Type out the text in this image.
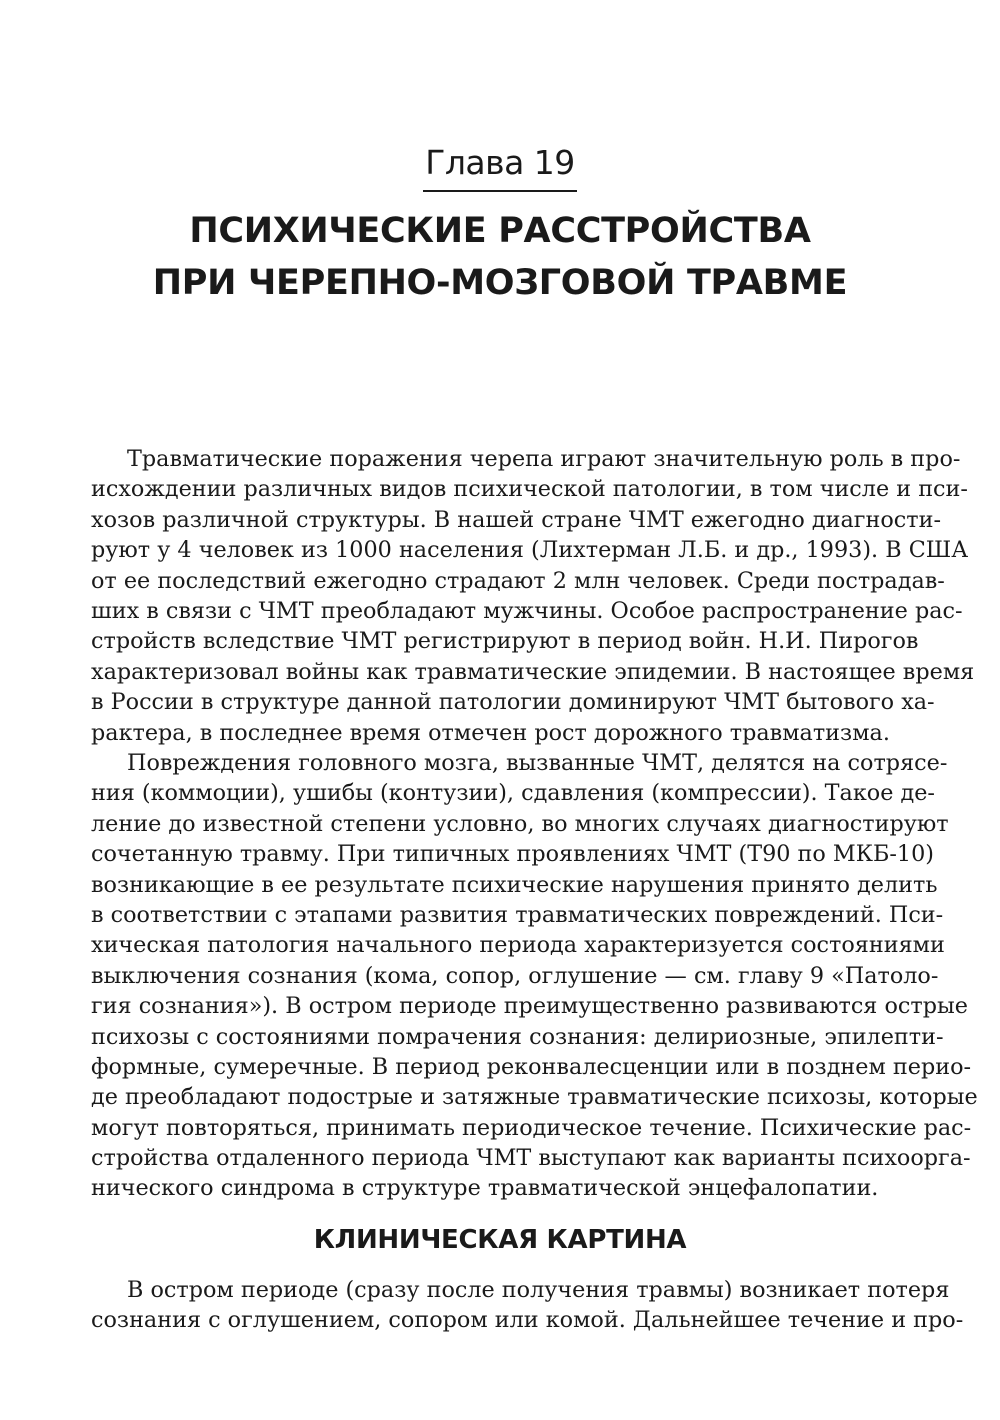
Глава 19
ПСИХИЧЕСКИЕ РАССТРОЙСТВА
ПРИ ЧЕРЕПНО-МОЗГОВОЙ ТРАВМЕ
Травматические поражения черепа играют значительную роль в про-
исхождении различных видов психической патологии, в том числе и пси-
хозов различной структуры. В нашей стране ЧМТ ежегодно диагности-
руют у 4 человек из 1000 населения (Лихтерман Л.Б. и др., 1993). В США
от ее последствий ежегодно страдают 2 млн человек. Среди пострадав-
ших в связи с ЧМТ преобладают мужчины. Особое распространение рас-
стройств вследствие ЧМТ регистрируют в период войн. Н.И. Пирогов
характеризовал войны как травматические эпидемии. В настоящее время
в России в структуре данной патологии доминируют ЧМТ бытового ха-
рактера, в последнее время отмечен рост дорожного травматизма.
Повреждения головного мозга, вызванные ЧМТ, делятся на сотрясе-
ния (коммоции), ушибы (контузии), сдавления (компрессии). Такое де-
ление до известной степени условно, во многих случаях диагностируют
сочетанную травму. При типичных проявлениях ЧМТ (T90 по МКБ-10)
возникающие в ее результате психические нарушения принято делить
в соответствии с этапами развития травматических повреждений. Пси-
хическая патология начального периода характеризуется состояниями
выключения сознания (кома, сопор, оглушение — см. главу 9 «Патоло-
гия сознания»). В остром периоде преимущественно развиваются острые
психозы с состояниями помрачения сознания: делириозные, эпилепти-
формные, сумеречные. В период реконвалесценции или в позднем перио-
де преобладают подострые и затяжные травматические психозы, которые
могут повторяться, принимать периодическое течение. Психические рас-
стройства отдаленного периода ЧМТ выступают как варианты психоорга-
нического синдрома в структуре травматической энцефалопатии.
КЛИНИЧЕСКАЯ КАРТИНА
В остром периоде (сразу после получения травмы) возникает потеря
сознания с оглушением, сопором или комой. Дальнейшее течение и про-
